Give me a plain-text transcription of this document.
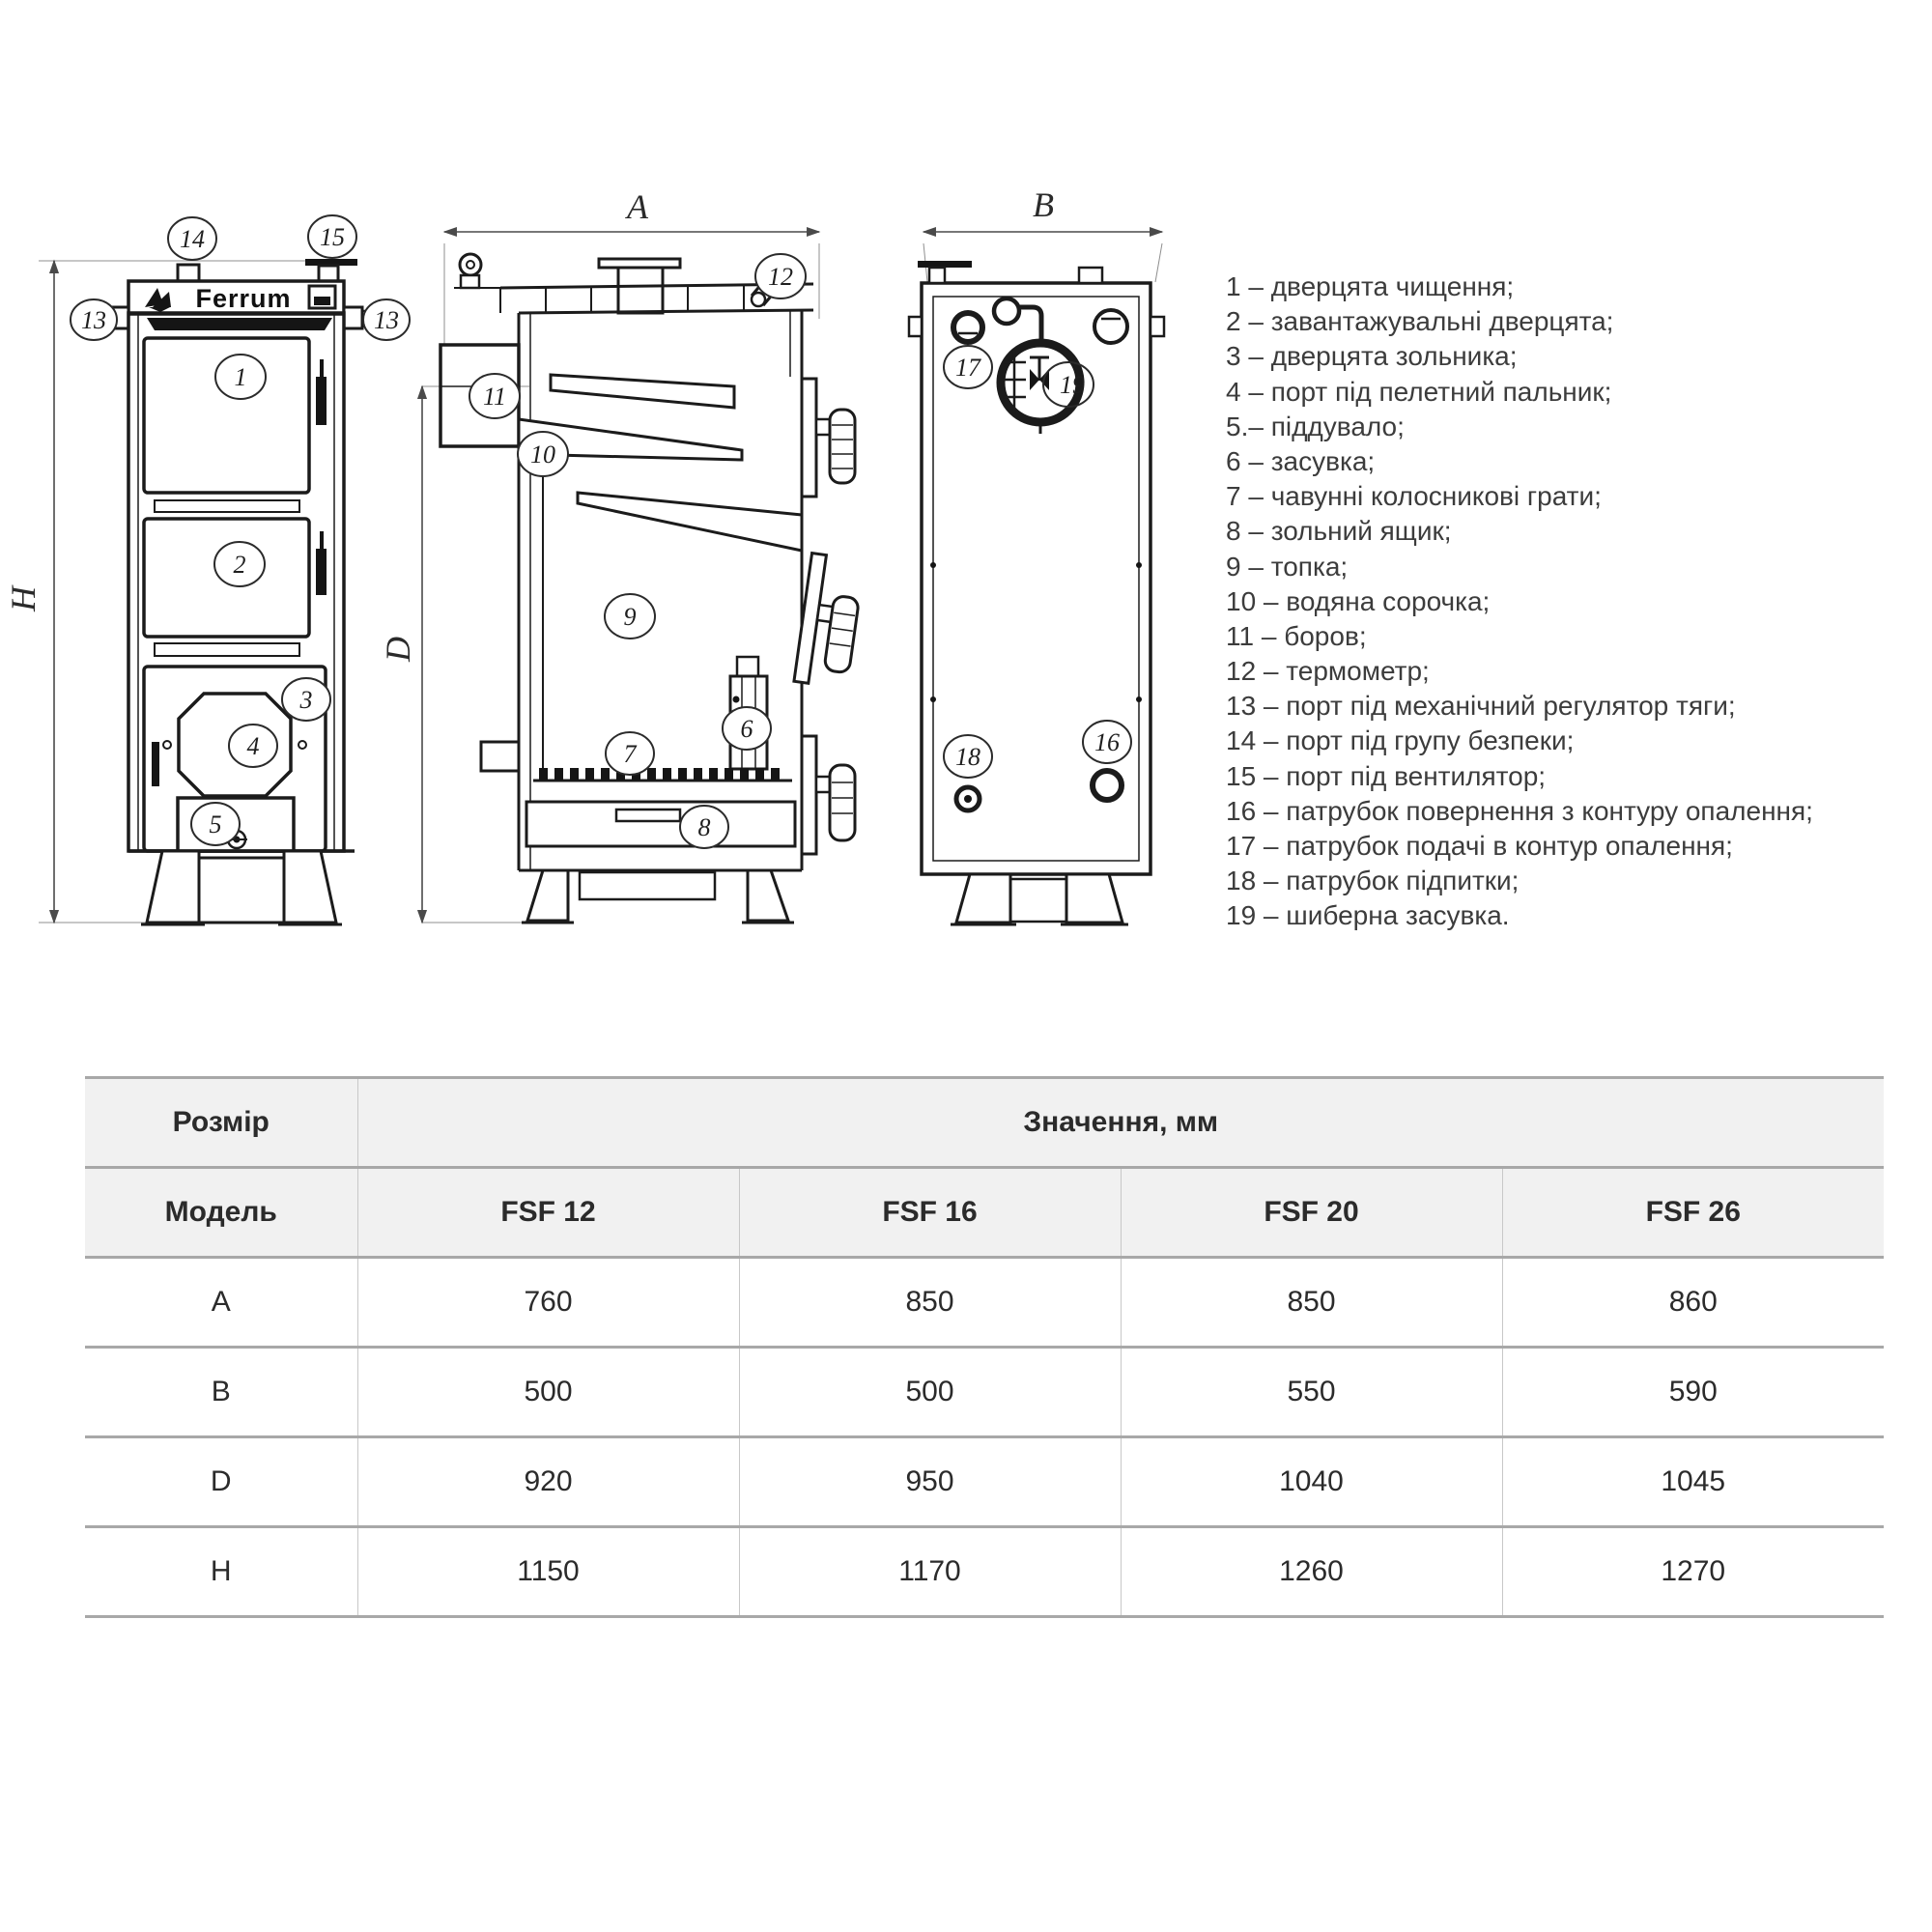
H
Ferrum
14	15
13	13
1
2
3
4
5
A
D
12
11
10
9
6
7
8
B
17
19
18
16
1 – дверцята чищення;
2 – завантажувальні дверцята;
3 – дверцята зольника;
4 – порт під пелетний пальник;
5.– піддувало;
6 – засувка;
7 – чавунні колосникові грати;
8 – зольний ящик;
9 – топка;
10 – водяна сорочка;
11 – боров;
12 – термометр;
13 – порт під механічний регулятор тяги;
14 – порт під групу безпеки;
15 – порт під вентилятор;
16 – патрубок повернення з контуру опалення;
17 – патрубок подачі в контур опалення;
18 – патрубок підпитки;
19 – шиберна засувка.
Розмір	Значення, мм			
Модель	FSF 12	FSF 16	FSF 20	FSF 26
A	760	850	850	860
B	500	500	550	590
D	920	950	1040	1045
H	1150	1170	1260	1270
